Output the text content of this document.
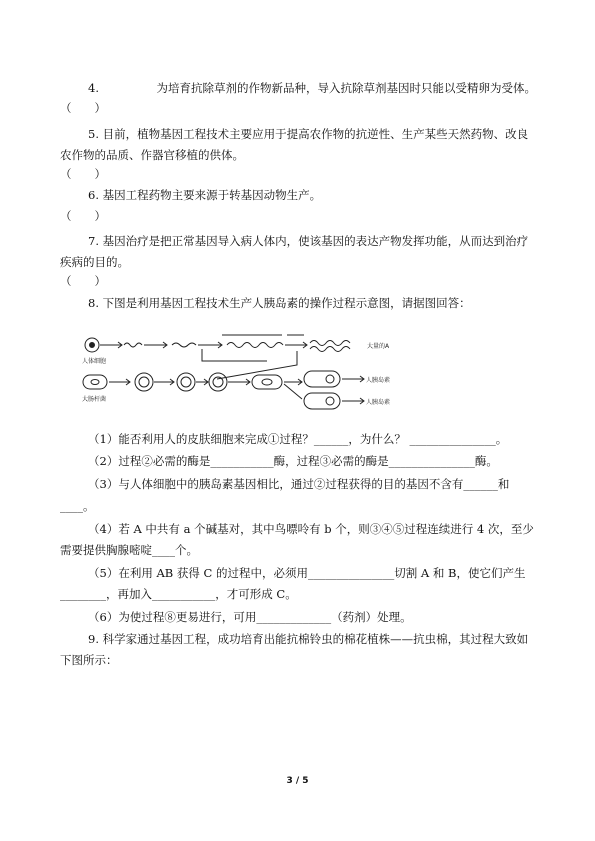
4.　　　　　为培育抗除草剂的作物新品种，导入抗除草剂基因时只能以受精卵为受体。
（　　）
5. 目前，植物基因工程技术主要应用于提高农作物的抗逆性、生产某些天然药物、改良
农作物的品质、作器官移植的供体。
（　　）
6. 基因工程药物主要来源于转基因动物生产。
（　　）
7. 基因治疗是把正常基因导入病人体内，使该基因的表达产物发挥功能，从而达到治疗
疾病的目的。
（　　）
8. 下图是利用基因工程技术生产人胰岛素的操作过程示意图，请据图回答：
人体细胞
大肠杆菌
大量的A
人胰岛素
人胰岛素
（1）能否利用人的皮肤细胞来完成①过程？______，为什么？ _______________。
（2）过程②必需的酶是___________酶，过程③必需的酶是_______________酶。
（3）与人体细胞中的胰岛素基因相比，通过②过程获得的目的基因不含有______和
____。
（4）若 A 中共有 a 个碱基对，其中鸟嘌呤有 b 个，则③④⑤过程连续进行 4 次，至少
需要提供胸腺嘧啶____个。
（5）在利用 AB 获得 C 的过程中，必须用_______________切割 A 和 B，使它们产生
________，再加入___________，才可形成 C。
（6）为使过程⑧更易进行，可用_____________（药剂）处理。
9. 科学家通过基因工程，成功培育出能抗棉铃虫的棉花植株——抗虫棉，其过程大致如
下图所示：
3 / 5
